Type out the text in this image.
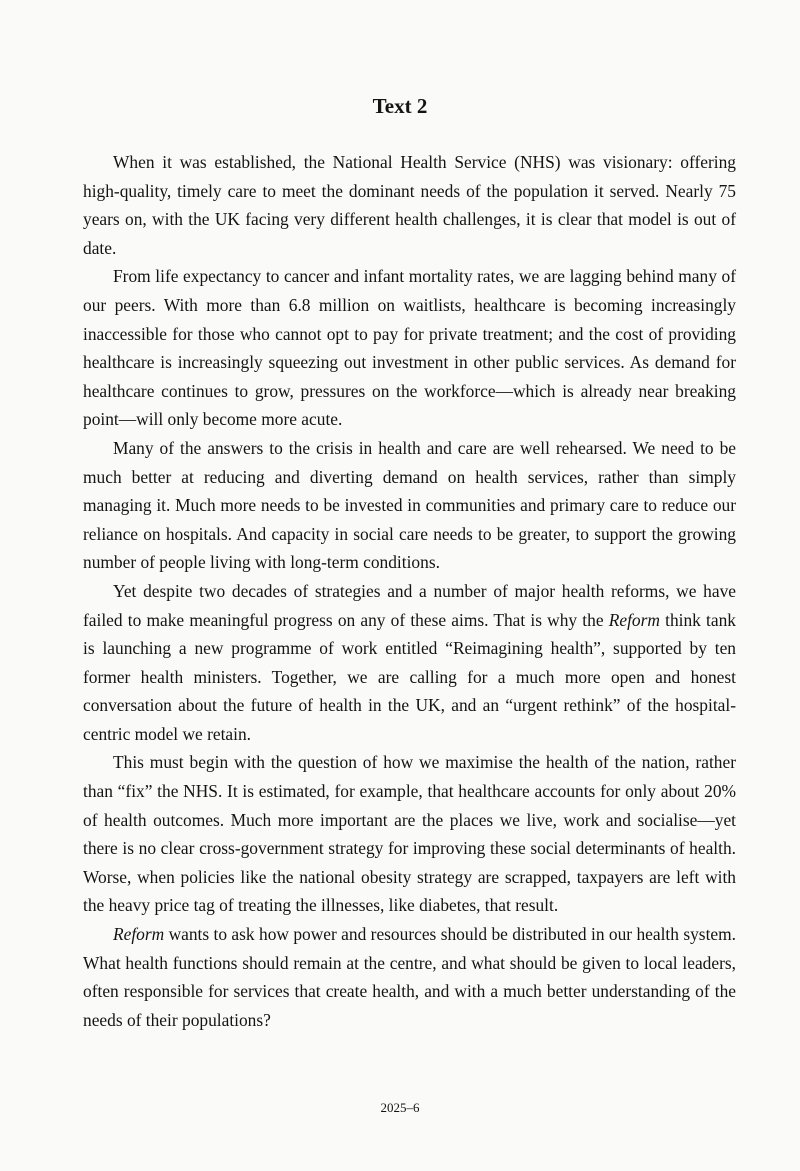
Text 2

When it was established, the National Health Service (NHS) was visionary: offering high-quality, timely care to meet the dominant needs of the population it served. Nearly 75 years on, with the UK facing very different health challenges, it is clear that model is out of date.

From life expectancy to cancer and infant mortality rates, we are lagging behind many of our peers. With more than 6.8 million on waitlists, healthcare is becoming increasingly inaccessible for those who cannot opt to pay for private treatment; and the cost of providing healthcare is increasingly squeezing out investment in other public services. As demand for healthcare continues to grow, pressures on the workforce—which is already near breaking point—will only become more acute.

Many of the answers to the crisis in health and care are well rehearsed. We need to be much better at reducing and diverting demand on health services, rather than simply managing it. Much more needs to be invested in communities and primary care to reduce our reliance on hospitals. And capacity in social care needs to be greater, to support the growing number of people living with long-term conditions.

Yet despite two decades of strategies and a number of major health reforms, we have failed to make meaningful progress on any of these aims. That is why the Reform think tank is launching a new programme of work entitled “Reimagining health”, supported by ten former health ministers. Together, we are calling for a much more open and honest conversation about the future of health in the UK, and an “urgent rethink” of the hospital-centric model we retain.

This must begin with the question of how we maximise the health of the nation, rather than “fix” the NHS. It is estimated, for example, that healthcare accounts for only about 20% of health outcomes. Much more important are the places we live, work and socialise—yet there is no clear cross-government strategy for improving these social determinants of health. Worse, when policies like the national obesity strategy are scrapped, taxpayers are left with the heavy price tag of treating the illnesses, like diabetes, that result.

Reform wants to ask how power and resources should be distributed in our health system. What health functions should remain at the centre, and what should be given to local leaders, often responsible for services that create health, and with a much better understanding of the needs of their populations?

2025–6
